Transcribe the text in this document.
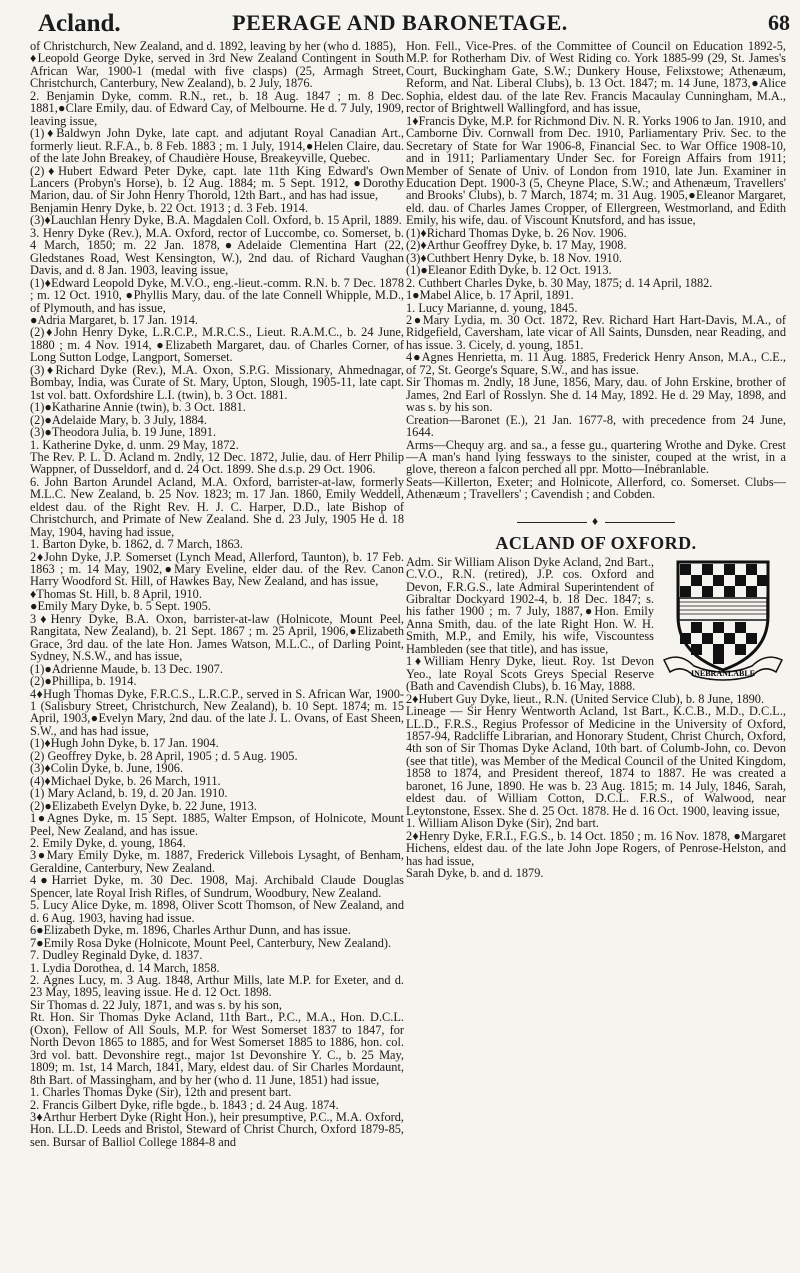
Acland.	PEERAGE AND BARONETAGE.	68

of Christchurch, New Zealand, and d. 1892, leaving by her (who d. 1885),

♦Leopold George Dyke, served in 3rd New Zealand Contingent in South African War, 1900-1 (medal with five clasps) (25, Armagh Street, Christchurch, Canterbury, New Zealand), b. 2 July, 1876.

2. Benjamin Dyke, comm. R.N., ret., b. 18 Aug. 1847 ; m. 8 Dec. 1881,●Clare Emily, dau. of Edward Cay, of Melbourne. He d. 7 July, 1909, leaving issue,

(1)♦Baldwyn John Dyke, late capt. and adjutant Royal Canadian Art., formerly lieut. R.F.A., b. 8 Feb. 1883 ; m. 1 July, 1914,●Helen Claire, dau. of the late John Breakey, of Chaudière House, Breakeyville, Quebec.

(2)♦Hubert Edward Peter Dyke, capt. late 11th King Edward's Own Lancers (Probyn's Horse), b. 12 Aug. 1884; m. 5 Sept. 1912, ●Dorothy Marion, dau. of Sir John Henry Thorold, 12th Bart., and has had issue,

Benjamin Henry Dyke, b. 22 Oct. 1913 ; d. 3 Feb. 1914.

(3)♦Lauchlan Henry Dyke, B.A. Magdalen Coll. Oxford, b. 15 April, 1889.

3. Henry Dyke (Rev.), M.A. Oxford, rector of Luccombe, co. Somerset, b. 4 March, 1850; m. 22 Jan. 1878,●Adelaide Clementina Hart (22, Gledstanes Road, West Kensington, W.), 2nd dau. of Richard Vaughan Davis, and d. 8 Jan. 1903, leaving issue,

(1)♦Edward Leopold Dyke, M.V.O., eng.-lieut.-comm. R.N. b. 7 Dec. 1878 ; m. 12 Oct. 1910, ●Phyllis Mary, dau. of the late Connell Whipple, M.D., of Plymouth, and has issue,

●Adria Margaret, b. 17 Jan. 1914.

(2)♦John Henry Dyke, L.R.C.P., M.R.C.S., Lieut. R.A.M.C., b. 24 June, 1880 ; m. 4 Nov. 1914, ●Elizabeth Margaret, dau. of Charles Corner, of Long Sutton Lodge, Langport, Somerset.

(3)♦Richard Dyke (Rev.), M.A. Oxon, S.P.G. Missionary, Ahmednagar, Bombay, India, was Curate of St. Mary, Upton, Slough, 1905-11, late capt. 1st vol. batt. Oxfordshire L.I. (twin), b. 3 Oct. 1881.

(1)●Katharine Annie (twin), b. 3 Oct. 1881.

(2)●Adelaide Mary, b. 3 July, 1884.

(3)●Theodora Julia, b. 19 June, 1891.

1. Katherine Dyke, d. unm. 29 May, 1872.

The Rev. P. L. D. Acland m. 2ndly, 12 Dec. 1872, Julie, dau. of Herr Philip Wappner, of Dusseldorf, and d. 24 Oct. 1899. She d.s.p. 29 Oct. 1906.

6. John Barton Arundel Acland, M.A. Oxford, barrister-at-law, formerly M.L.C. New Zealand, b. 25 Nov. 1823; m. 17 Jan. 1860, Emily Weddell, eldest dau. of the Right Rev. H. J. C. Harper, D.D., late Bishop of Christchurch, and Primate of New Zealand. She d. 23 July, 1905 He d. 18 May, 1904, having had issue,

1. Barton Dyke, b. 1862, d. 7 March, 1863.

2♦John Dyke, J.P. Somerset (Lynch Mead, Allerford, Taunton), b. 17 Feb. 1863 ; m. 14 May, 1902,●Mary Eveline, elder dau. of the Rev. Canon Harry Woodford St. Hill, of Hawkes Bay, New Zealand, and has issue,

♦Thomas St. Hill, b. 8 April, 1910.

●Emily Mary Dyke, b. 5 Sept. 1905.

3♦Henry Dyke, B.A. Oxon, barrister-at-law (Holnicote, Mount Peel, Rangitata, New Zealand), b. 21 Sept. 1867 ; m. 25 April, 1906,●Elizabeth Grace, 3rd dau. of the late Hon. James Watson, M.L.C., of Darling Point, Sydney, N.S.W., and has issue,

(1)●Adrienne Maude, b. 13 Dec. 1907.

(2)●Phillipa, b. 1914.

4♦Hugh Thomas Dyke, F.R.C.S., L.R.C.P., served in S. African War, 1900-1 (Salisbury Street, Christchurch, New Zealand), b. 10 Sept. 1874; m. 15 April, 1903,●Evelyn Mary, 2nd dau. of the late J. L. Ovans, of East Sheen, S.W., and has had issue,

(1)♦Hugh John Dyke, b. 17 Jan. 1904.

(2) Geoffrey Dyke, b. 28 April, 1905 ; d. 5 Aug. 1905.

(3)♦Colin Dyke, b. June, 1906.

(4)♦Michael Dyke, b. 26 March, 1911.

(1) Mary Acland, b. 19, d. 20 Jan. 1910.

(2)●Elizabeth Evelyn Dyke, b. 22 June, 1913.

1●Agnes Dyke, m. 15 Sept. 1885, Walter Empson, of Holnicote, Mount Peel, New Zealand, and has issue.

2. Emily Dyke, d. young, 1864.

3●Mary Emily Dyke, m. 1887, Frederick Villebois Lysaght, of Benham, Geraldine, Canterbury, New Zealand.

4●Harriet Dyke, m. 30 Dec. 1908, Maj. Archibald Claude Douglas Spencer, late Royal Irish Rifles, of Sundrum, Woodbury, New Zealand.

5. Lucy Alice Dyke, m. 1898, Oliver Scott Thomson, of New Zealand, and d. 6 Aug. 1903, having had issue.

6●Elizabeth Dyke, m. 1896, Charles Arthur Dunn, and has issue.

7●Emily Rosa Dyke (Holnicote, Mount Peel, Canterbury, New Zealand).

7. Dudley Reginald Dyke, d. 1837.

1. Lydia Dorothea, d. 14 March, 1858.

2. Agnes Lucy, m. 3 Aug. 1848, Arthur Mills, late M.P. for Exeter, and d. 23 May, 1895, leaving issue. He d. 12 Oct. 1898.

Sir Thomas d. 22 July, 1871, and was s. by his son,

Rt. Hon. Sir Thomas Dyke Acland, 11th Bart., P.C., M.A., Hon. D.C.L. (Oxon), Fellow of All Souls, M.P. for West Somerset 1837 to 1847, for North Devon 1865 to 1885, and for West Somerset 1885 to 1886, hon. col. 3rd vol. batt. Devonshire regt., major 1st Devonshire Y. C., b. 25 May, 1809; m. 1st, 14 March, 1841, Mary, eldest dau. of Sir Charles Mordaunt, 8th Bart. of Massingham, and by her (who d. 11 June, 1851) had issue,

1. Charles Thomas Dyke (Sir), 12th and present bart.

2. Francis Gilbert Dyke, rifle bgde., b. 1843 ; d. 24 Aug. 1874.

3♦Arthur Herbert Dyke (Right Hon.), heir presumptive, P.C., M.A. Oxford, Hon. LL.D. Leeds and Bristol, Steward of Christ Church, Oxford 1879-85, sen. Bursar of Balliol College 1884-8 and

Hon. Fell., Vice-Pres. of the Committee of Council on Education 1892-5, M.P. for Rotherham Div. of West Riding co. York 1885-99 (29, St. James's Court, Buckingham Gate, S.W.; Dunkery House, Felixstowe; Athenæum, Reform, and Nat. Liberal Clubs), b. 13 Oct. 1847; m. 14 June, 1873,●Alice Sophia, eldest dau. of the late Rev. Francis Macaulay Cunningham, M.A., rector of Brightwell Wallingford, and has issue,

1♦Francis Dyke, M.P. for Richmond Div. N. R. Yorks 1906 to Jan. 1910, and Camborne Div. Cornwall from Dec. 1910, Parliamentary Priv. Sec. to the Secretary of State for War 1906-8, Financial Sec. to War Office 1908-10, and in 1911; Parliamentary Under Sec. for Foreign Affairs from 1911; Member of Senate of Univ. of London from 1910, late Jun. Examiner in Education Dept. 1900-3 (5, Cheyne Place, S.W.; and Athenæum, Travellers' and Brooks' Clubs), b. 7 March, 1874; m. 31 Aug. 1905,●Eleanor Margaret, eld. dau. of Charles James Cropper, of Ellergreen, Westmorland, and Edith Emily, his wife, dau. of Viscount Knutsford, and has issue,

(1)♦Richard Thomas Dyke, b. 26 Nov. 1906.

(2)♦Arthur Geoffrey Dyke, b. 17 May, 1908.

(3)♦Cuthbert Henry Dyke, b. 18 Nov. 1910.

(1)●Eleanor Edith Dyke, b. 12 Oct. 1913.

2. Cuthbert Charles Dyke, b. 30 May, 1875; d. 14 April, 1882.

1●Mabel Alice, b. 17 April, 1891.

1. Lucy Marianne, d. young, 1845.

2●Mary Lydia, m. 30 Oct. 1872, Rev. Richard Hart Hart-Davis, M.A., of Ridgefield, Caversham, late vicar of All Saints, Dunsden, near Reading, and has issue. 3. Cicely, d. young, 1851.

4●Agnes Henrietta, m. 11 Aug. 1885, Frederick Henry Anson, M.A., C.E., of 72, St. George's Square, S.W., and has issue.

Sir Thomas m. 2ndly, 18 June, 1856, Mary, dau. of John Erskine, brother of James, 2nd Earl of Rosslyn. She d. 14 May, 1892. He d. 29 May, 1898, and was s. by his son.

Creation—Baronet (E.), 21 Jan. 1677-8, with precedence from 24 June, 1644.

Arms—Chequy arg. and sa., a fesse gu., quartering Wrothe and Dyke. Crest—A man's hand lying fessways to the sinister, couped at the wrist, in a glove, thereon a falcon perched all ppr. Motto—Inébranlable.

Seats—Killerton, Exeter; and Holnicote, Allerford, co. Somerset. Clubs—Athenæum ; Travellers' ; Cavendish ; and Cobden.

♦
ACLAND OF OXFORD.
INEBRANLABLE

Adm. Sir William Alison Dyke Acland, 2nd Bart., C.V.O., R.N. (retired), J.P. cos. Oxford and Devon, F.R.G.S., late Admiral Superintendent of Gibraltar Dockyard 1902-4, b. 18 Dec. 1847; s. his father 1900 ; m. 7 July, 1887,●Hon. Emily Anna Smith, dau. of the late Right Hon. W. H. Smith, M.P., and Emily, his wife, Viscountess Hambleden (see that title), and has issue,

1♦William Henry Dyke, lieut. Roy. 1st Devon Yeo., late Royal Scots Greys Special Reserve (Bath and Cavendish Clubs), b. 16 May, 1888.

2♦Hubert Guy Dyke, lieut., R.N. (United Service Club), b. 8 June, 1890.

Lineage — Sir Henry Wentworth Acland, 1st Bart., K.C.B., M.D., D.C.L., LL.D., F.R.S., Regius Professor of Medicine in the University of Oxford, 1857-94, Radcliffe Librarian, and Honorary Student, Christ Church, Oxford, 4th son of Sir Thomas Dyke Acland, 10th bart. of Columb-John, co. Devon (see that title), was Member of the Medical Council of the United Kingdom, 1858 to 1874, and President thereof, 1874 to 1887. He was created a baronet, 16 June, 1890. He was b. 23 Aug. 1815; m. 14 July, 1846, Sarah, eldest dau. of William Cotton, D.C.L. F.R.S., of Walwood, near Leytonstone, Essex. She d. 25 Oct. 1878. He d. 16 Oct. 1900, leaving issue,

1. William Alison Dyke (Sir), 2nd bart.

2♦Henry Dyke, F.R.I., F.G.S., b. 14 Oct. 1850 ; m. 16 Nov. 1878, ●Margaret Hichens, eldest dau. of the late John Jope Rogers, of Penrose-Helston, and has had issue,

Sarah Dyke, b. and d. 1879.
